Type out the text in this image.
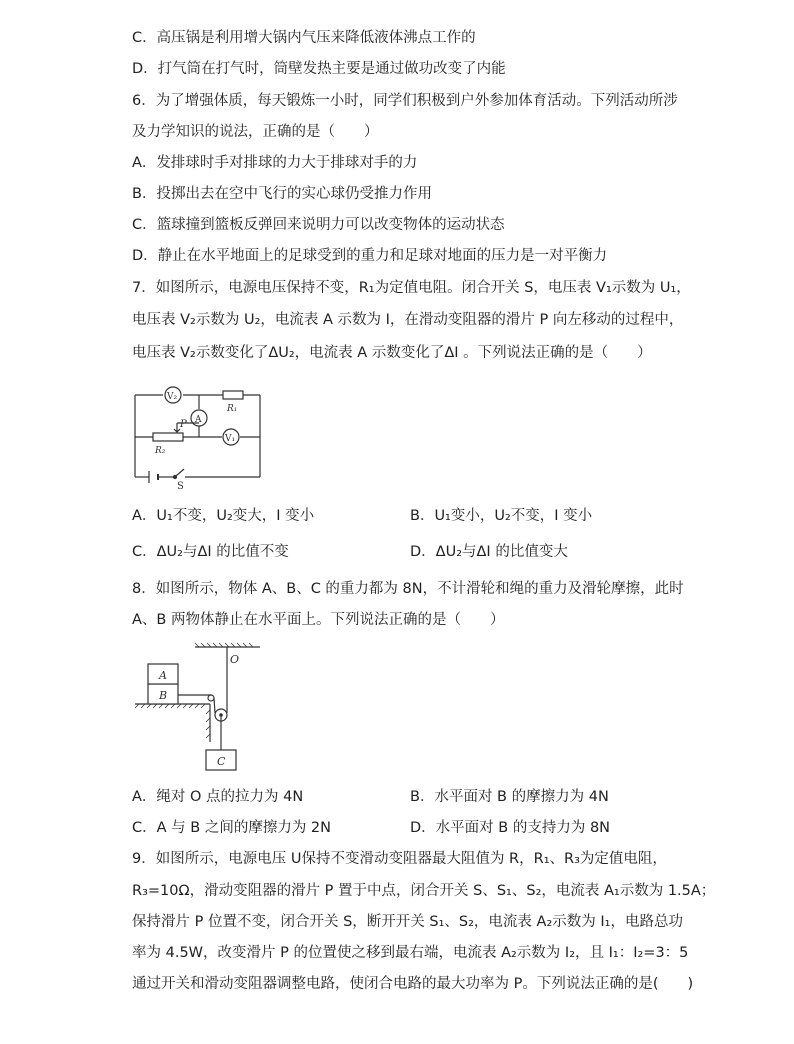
C．高压锅是利用增大锅内气压来降低液体沸点工作的
D．打气筒在打气时，筒壁发热主要是通过做功改变了内能
6．为了增强体质，每天锻炼一小时，同学们积极到户外参加体育活动。下列活动所涉
及力学知识的说法，正确的是（　　）
A．发排球时手对排球的力大于排球对手的力
B．投掷出去在空中飞行的实心球仍受推力作用
C．篮球撞到篮板反弹回来说明力可以改变物体的运动状态
D．静止在水平地面上的足球受到的重力和足球对地面的压力是一对平衡力
7．如图所示，电源电压保持不变，R₁为定值电阻。闭合开关 S，电压表 V₁示数为 U₁，
电压表 V₂示数为 U₂，电流表 A 示数为 I，在滑动变阻器的滑片 P 向左移动的过程中，
电压表 V₂示数变化了ΔU₂，电流表 A 示数变化了ΔI 。下列说法正确的是（　　）
V₂
R₁
A
P
R₂
V₁
S
A．U₁不变，U₂变大，I 变小	B．U₁变小，U₂不变，I 变小
C．ΔU₂与ΔI 的比值不变	D．ΔU₂与ΔI 的比值变大
8．如图所示，物体 A、B、C 的重力都为 8N，不计滑轮和绳的重力及滑轮摩擦，此时
A、B 两物体静止在水平面上。下列说法正确的是（　　）
O
B
A
C
A．绳对 O 点的拉力为 4N	B．水平面对 B 的摩擦力为 4N
C．A 与 B 之间的摩擦力为 2N	D．水平面对 B 的支持力为 8N
9．如图所示，电源电压 U保持不变滑动变阻器最大阻值为 R，R₁、R₃为定值电阻，
R₃=10Ω，滑动变阻器的滑片 P 置于中点，闭合开关 S、S₁、S₂，电流表 A₁示数为 1.5A；
保持滑片 P 位置不变，闭合开关 S，断开开关 S₁、S₂，电流表 A₂示数为 I₁，电路总功
率为 4.5W，改变滑片 P 的位置使之移到最右端，电流表 A₂示数为 I₂，且 I₁：I₂=3：5
通过开关和滑动变阻器调整电路，使闭合电路的最大功率为 P。下列说法正确的是(　　)
